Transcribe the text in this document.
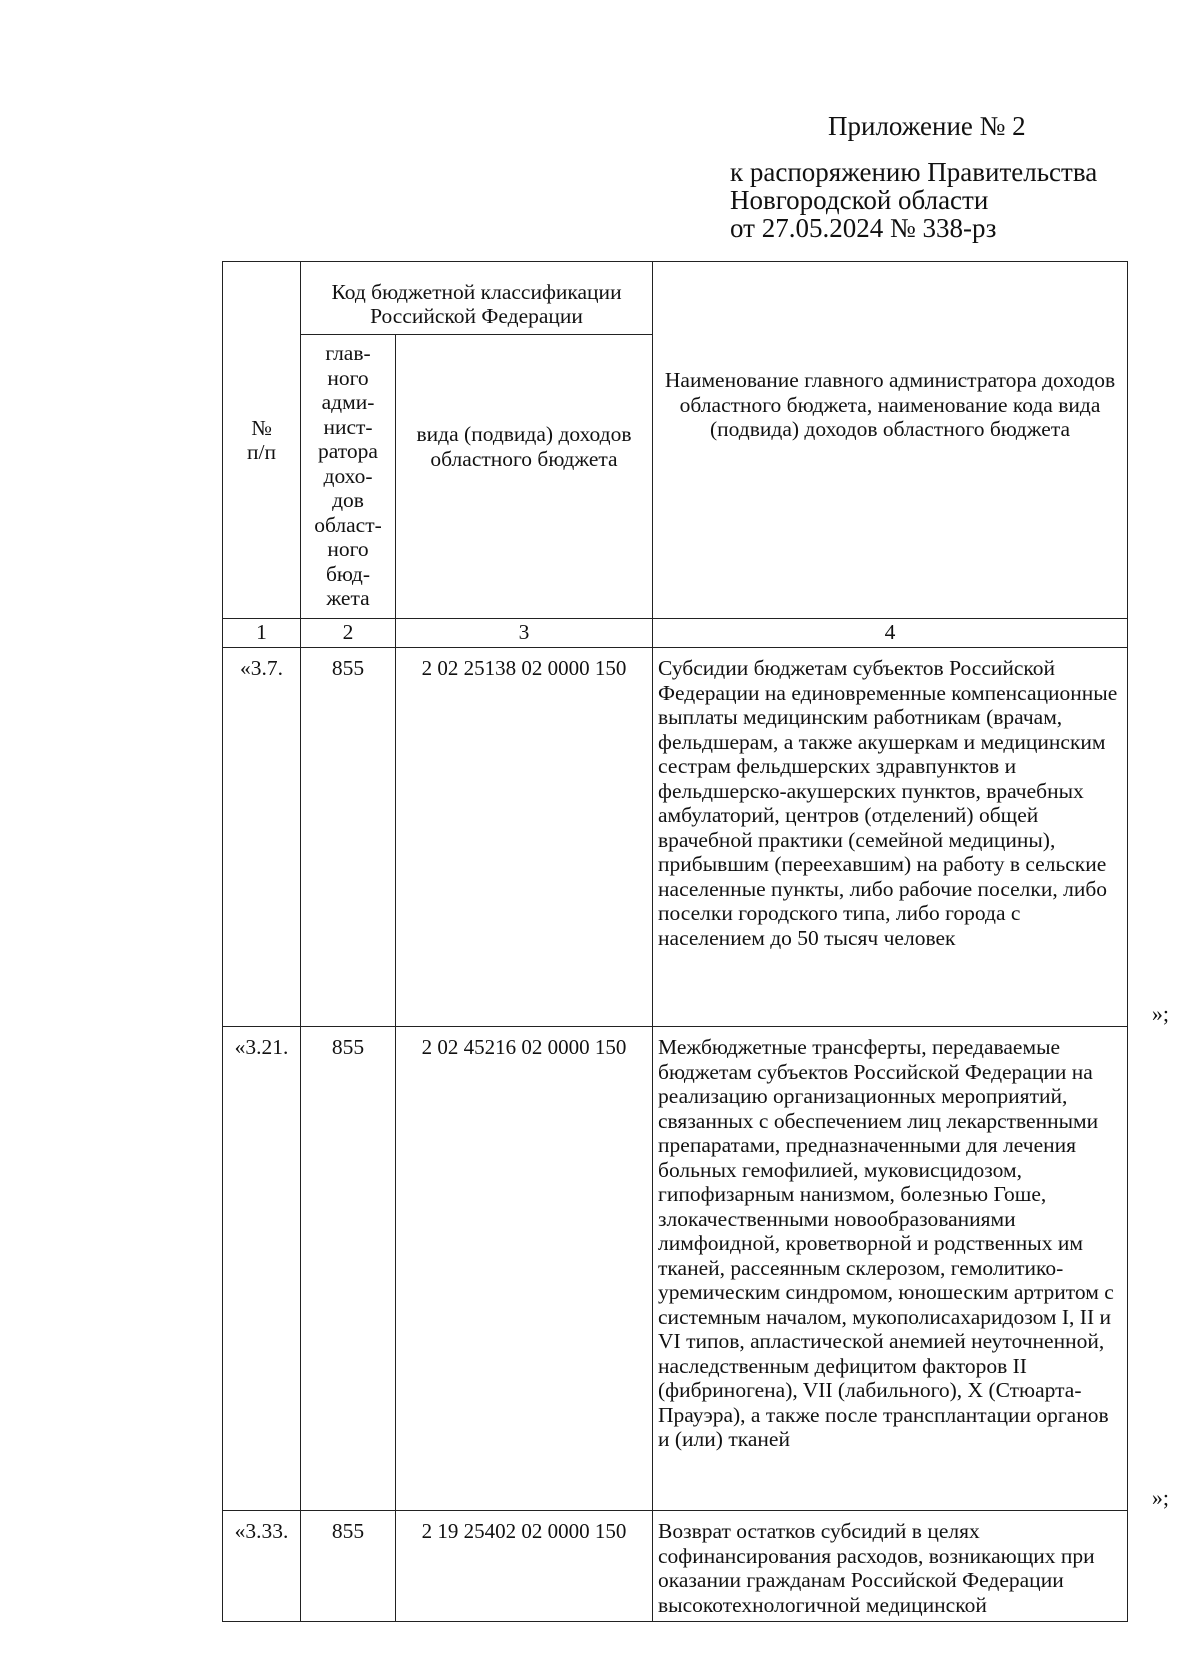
Приложение № 2
к распоряжению Правительства
Новгородской области
от 27.05.2024 № 338-рз
№ п/п	Код бюджетной классификации Российской Федерации		Наименование главного администратора доходов областного бюджета, наименование кода вида (подвида) доходов областного бюджета

	глав- ного адми- нист- ратора дохо- дов област- ного бюд- жета	вида (подвида) доходов областного бюджета	

1	2	3	4
«3.7.	855	2 02 25138 02 0000 150	Субсидии бюджетам субъектов Российской Федерации на единовременные компенсационные выплаты медицинским работникам (врачам, фельдшерам, а также акушеркам и медицинским сестрам фельдшерских здравпунктов и фельдшерско-акушерских пунктов, врачебных амбулаторий, центров (отделений) общей врачебной практики (семейной медицины), прибывшим (переехавшим) на работу в сельские населенные пункты, либо рабочие поселки, либо поселки городского типа, либо города с населением до 50 тысяч человек
»;

«3.21.	855	2 02 45216 02 0000 150	Межбюджетные трансферты, передаваемые бюджетам субъектов Российской Федерации на реализацию организационных мероприятий, связанных с обеспечением лиц лекарственными препаратами, предназначенными для лечения больных гемофилией, муковисцидозом, гипофизарным нанизмом, болезнью Гоше, злокачественными новообразованиями лимфоидной, кроветворной и родственных им тканей, рассеянным склерозом, гемолитико-уремическим синдромом, юношеским артритом с системным началом, мукополисахаридозом I, II и VI типов, апластической анемией неуточненной, наследственным дефицитом факторов II (фибриногена), VII (лабильного), X (Стюарта-Прауэра), а также после трансплантации органов и (или) тканей
»;

«3.33.	855	2 19 25402 02 0000 150	Возврат остатков субсидий в целях софинансирования расходов, возникающих при оказании гражданам Российской Федерации высокотехнологичной медицинской
